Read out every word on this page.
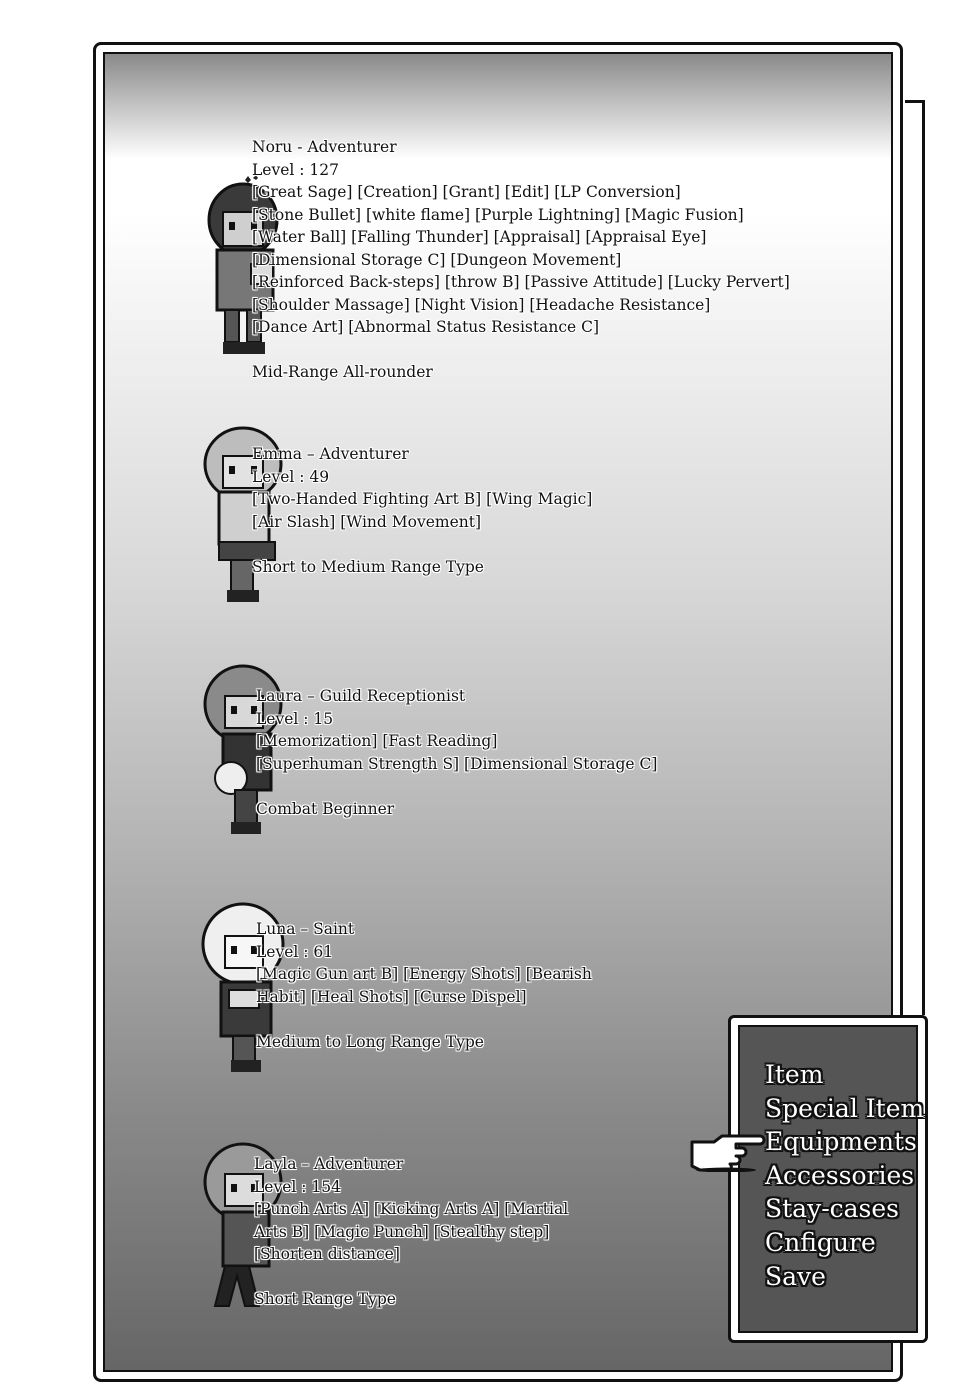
Noru - Adventurer
Level : 127
[Great Sage] [Creation] [Grant] [Edit] [LP Conversion]
[Stone Bullet] [white flame] [Purple Lightning] [Magic Fusion]
[Water Ball] [Falling Thunder] [Appraisal] [Appraisal Eye]
[Dimensional Storage C] [Dungeon Movement]
[Reinforced Back-steps] [throw B] [Passive Attitude] [Lucky Pervert]
[Shoulder Massage] [Night Vision] [Headache Resistance]
[Dance Art] [Abnormal Status Resistance C]
Mid-Range All-rounder
Emma – Adventurer
Level : 49
[Two-Handed Fighting Art B] [Wing Magic]
[Air Slash] [Wind Movement]
Short to Medium Range Type
Laura – Guild Receptionist
Level : 15
[Memorization] [Fast Reading]
[Superhuman Strength S] [Dimensional Storage C]
Combat Beginner
Luna – Saint
Level : 61
[Magic Gun art B] [Energy Shots] [Bearish
Habit] [Heal Shots] [Curse Dispel]
Medium to Long Range Type
Layla – Adventurer
Level : 154
[Punch Arts A] [Kicking Arts A] [Martial
Arts B] [Magic Punch] [Stealthy step]
[Shorten distance]
Short Range Type
Item
Special Item
Equipments
Accessories
Stay-cases
Cnfigure
Save
